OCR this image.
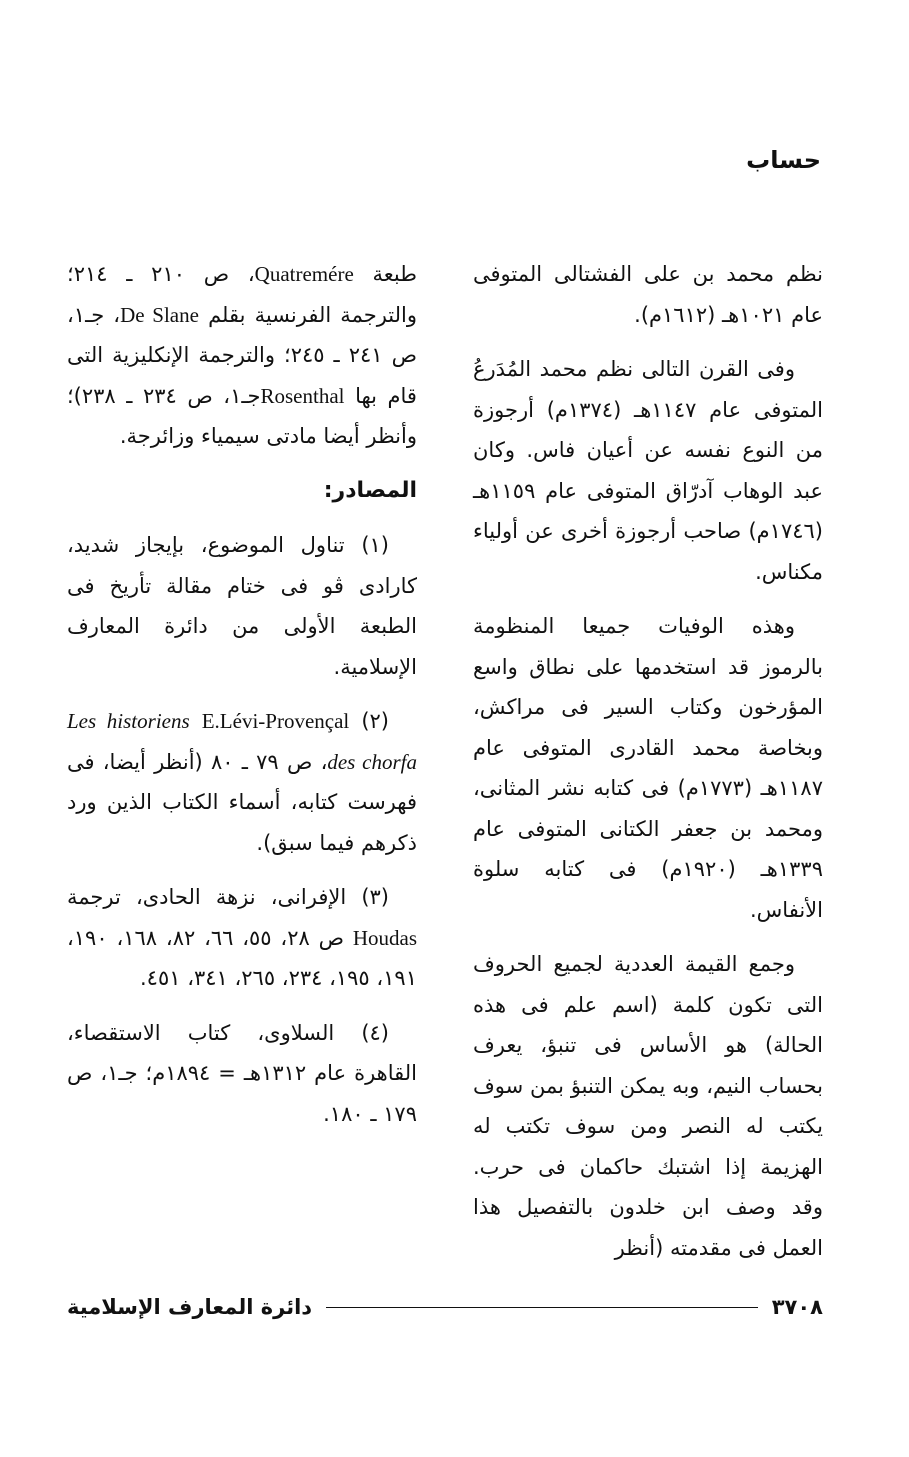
حساب

نظم محمد بن على الفشتالى المتوفى عام ١٠٢١هـ (١٦١٢م).

وفى القرن التالى نظم محمد المُدَرعُ المتوفى عام ١١٤٧هـ (١٣٧٤م) أرجوزة من النوع نفسه عن أعيان فاس. وكان عبد الوهاب آدرّاق المتوفى عام ١١٥٩هـ (١٧٤٦م) صاحب أرجوزة أخرى عن أولياء مكناس.

وهذه الوفيات جميعا المنظومة بالرموز قد استخدمها على نطاق واسع المؤرخون وكتاب السير فى مراكش، وبخاصة محمد القادرى المتوفى عام ١١٨٧هـ (١٧٧٣م) فى كتابه نشر المثانى، ومحمد بن جعفر الكتانى المتوفى عام ١٣٣٩هـ (١٩٢٠م) فى كتابه سلوة الأنفاس.

وجمع القيمة العددية لجميع الحروف التى تكون كلمة (اسم علم فى هذه الحالة) هو الأساس فى تنبؤ، يعرف بحساب النيم، وبه يمكن التنبؤ بمن سوف يكتب له النصر ومن سوف تكتب له الهزيمة إذا اشتبك حاكمان فى حرب. وقد وصف ابن خلدون بالتفصيل هذا العمل فى مقدمته (أنظر

طبعة Quatremére، ص ٢١٠ ـ ٢١٤؛ والترجمة الفرنسية بقلم De Slane، جـ١، ص ٢٤١ ـ ٢٤٥؛ والترجمة الإنكليزية التى قام بها Rosenthalجـ١، ص ٢٣٤ ـ ٢٣٨)؛ وأنظر أيضا مادتى سيمياء وزائرجة.

المصادر:

(١) تناول الموضوع، بإيجاز شديد، كارادى ڤو فى ختام مقالة تأريخ فى الطبعة الأولى من دائرة المعارف الإسلامية.

(٢) E.Lévi-Provençal Les historiens des chorfa، ص ٧٩ ـ ٨٠ (أنظر أيضا، فى فهرست كتابه، أسماء الكتاب الذين ورد ذكرهم فيما سبق).

(٣) الإفرانى، نزهة الحادى، ترجمة Houdas ص ٢٨، ٥٥، ٦٦، ٨٢، ١٦٨، ١٩٠، ١٩١، ١٩٥، ٢٣٤، ٢٦٥، ٣٤١، ٤٥١.

(٤) السلاوى، كتاب الاستقصاء، القاهرة عام ١٣١٢هـ = ١٨٩٤م؛ جـ١، ص ١٧٩ ـ ١٨٠.

٣٧٠٨
دائرة المعارف الإسلامية
